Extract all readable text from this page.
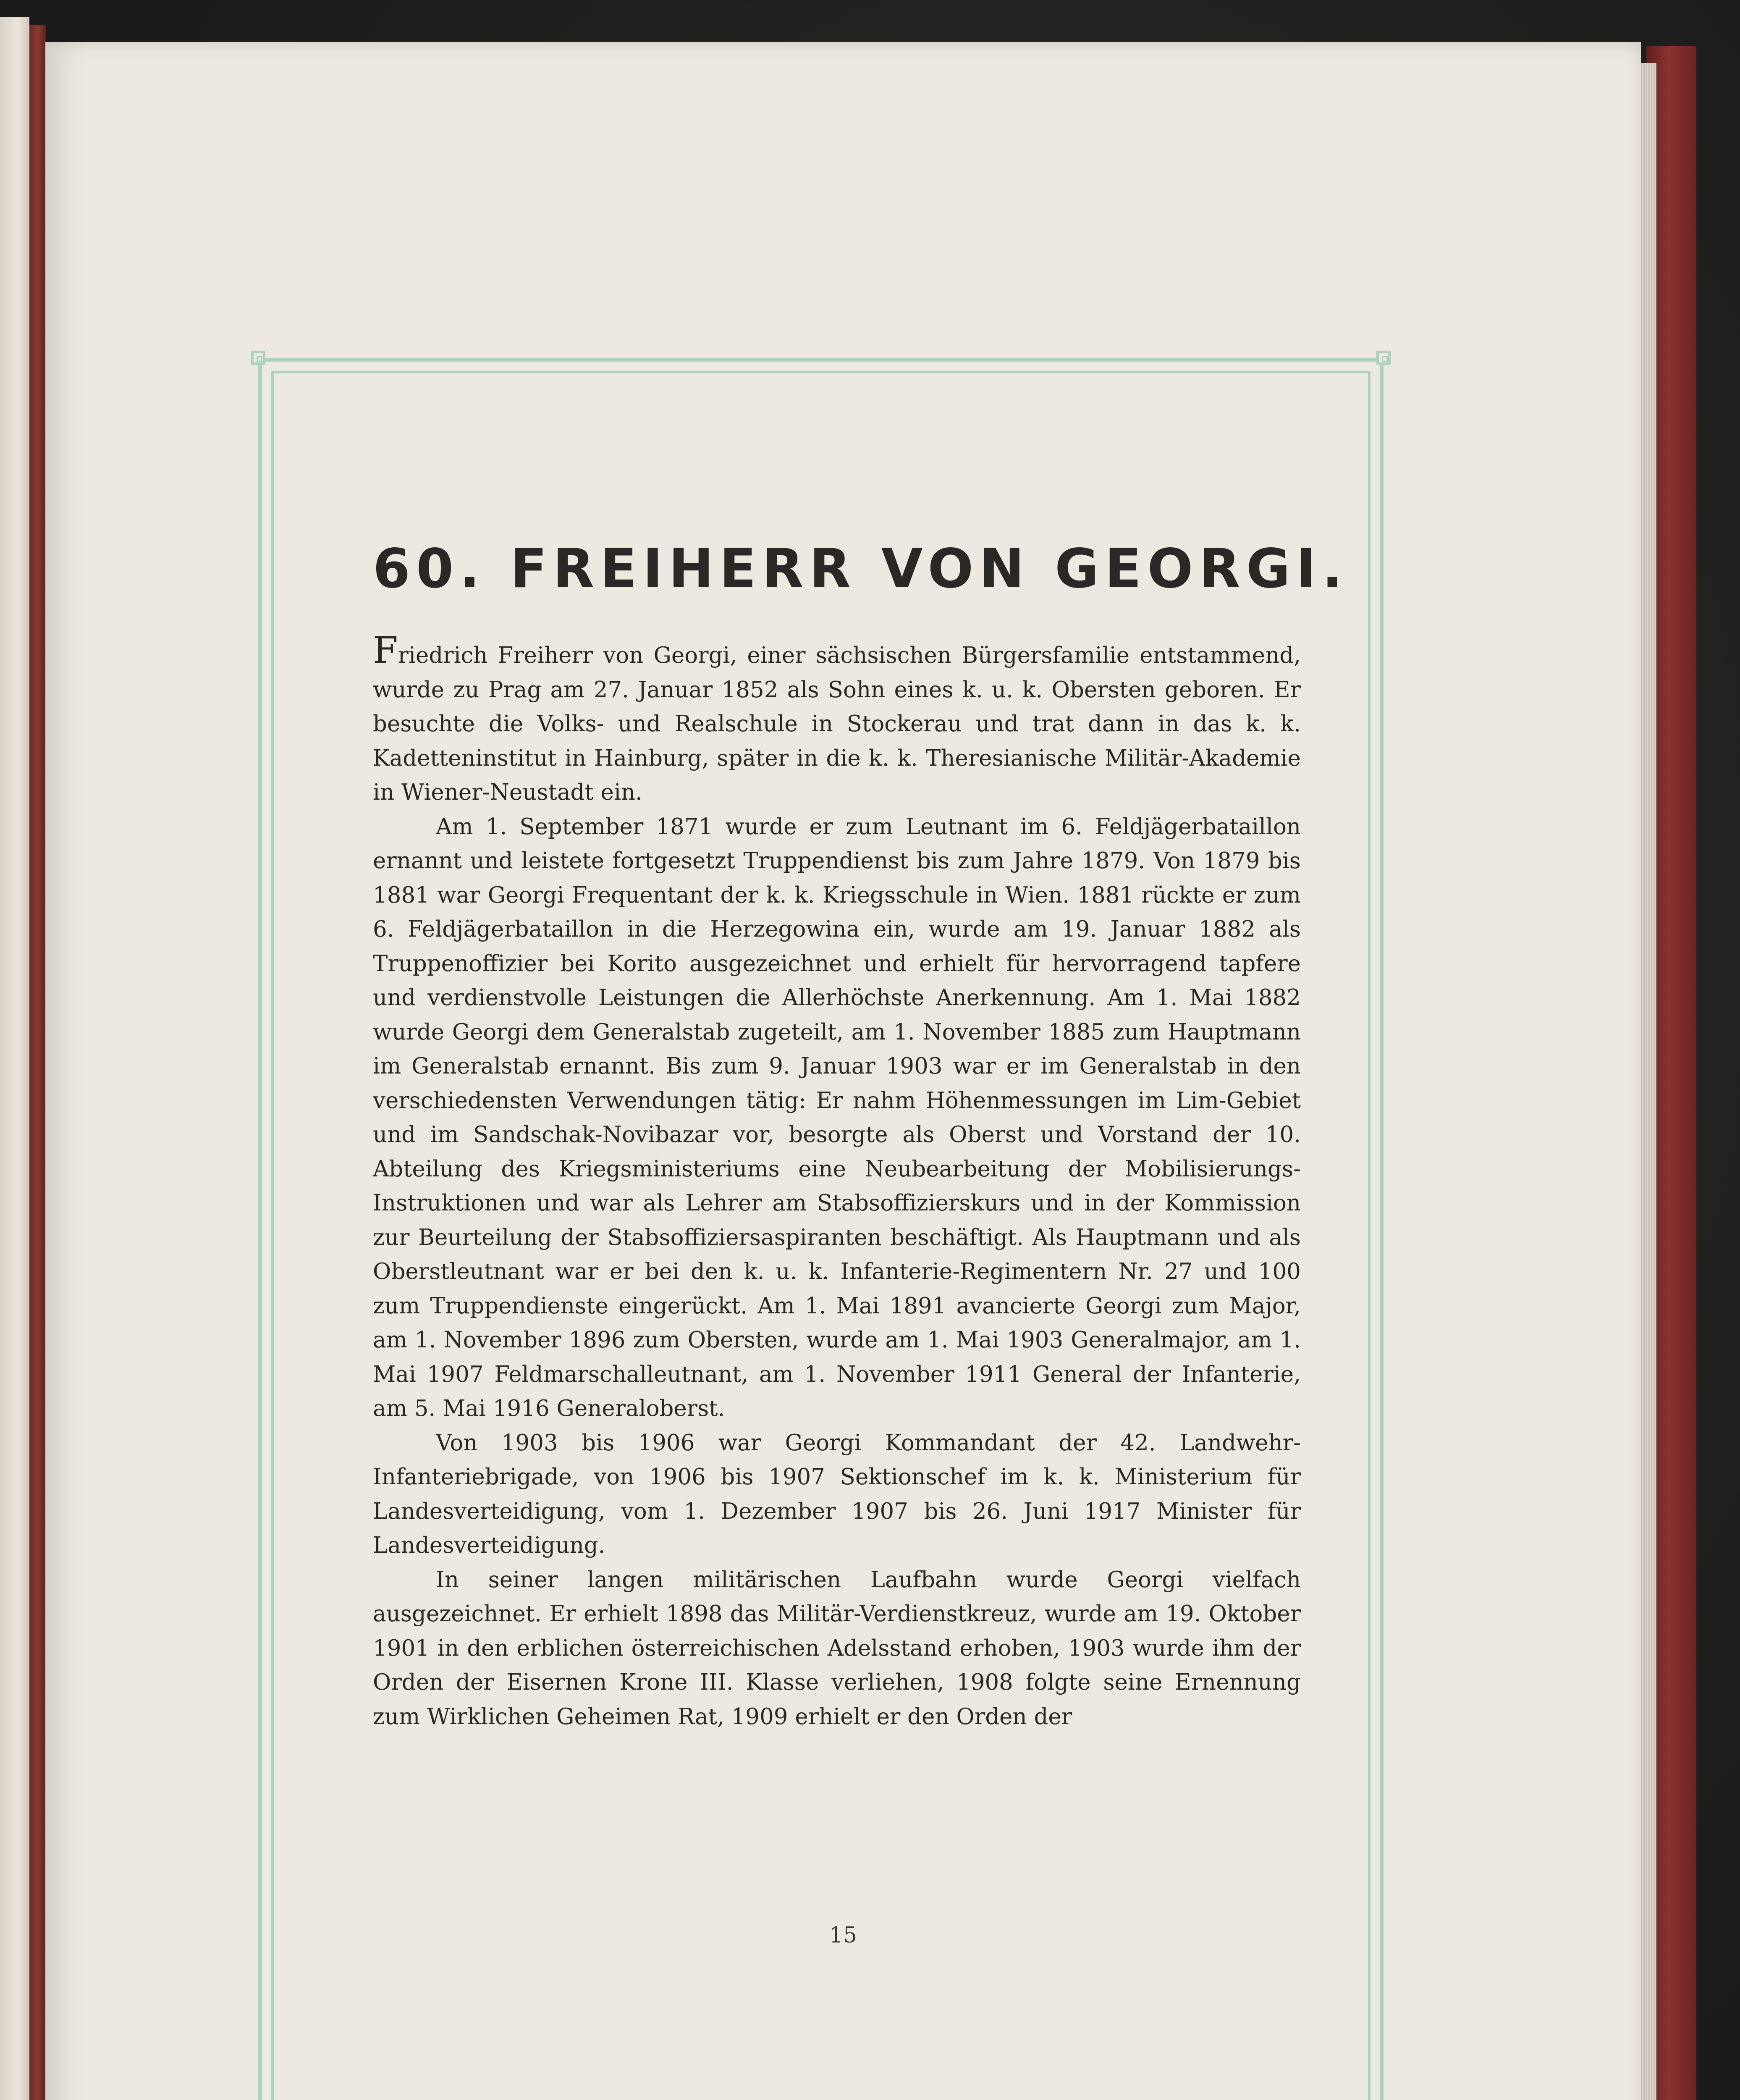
60. FREIHERR VON GEORGI.

Friedrich Freiherr von Georgi, einer sächsischen Bürgersfamilie entstammend, wurde zu Prag am 27. Januar 1852 als Sohn eines k. u. k. Obersten geboren. Er besuchte die Volks- und Realschule in Stockerau und trat dann in das k. k. Kadetteninstitut in Hainburg, später in die k. k. Theresianische Militär-Akademie in Wiener-Neustadt ein.

Am 1. September 1871 wurde er zum Leutnant im 6. Feldjägerbataillon ernannt und leistete fortgesetzt Truppendienst bis zum Jahre 1879. Von 1879 bis 1881 war Georgi Frequentant der k. k. Kriegsschule in Wien. 1881 rückte er zum 6. Feldjägerbataillon in die Herzegowina ein, wurde am 19. Januar 1882 als Truppenoffizier bei Korito ausgezeichnet und erhielt für hervorragend tapfere und verdienstvolle Leistungen die Allerhöchste Anerkennung. Am 1. Mai 1882 wurde Georgi dem Generalstab zugeteilt, am 1. November 1885 zum Hauptmann im Generalstab ernannt. Bis zum 9. Januar 1903 war er im Generalstab in den verschiedensten Verwendungen tätig: Er nahm Höhenmessungen im Lim-Gebiet und im Sandschak-Novibazar vor, besorgte als Oberst und Vorstand der 10. Abteilung des Kriegsministeriums eine Neubearbeitung der Mobilisierungs-Instruktionen und war als Lehrer am Stabsoffizierskurs und in der Kommission zur Beurteilung der Stabsoffiziersaspiranten beschäftigt. Als Hauptmann und als Oberstleutnant war er bei den k. u. k. Infanterie-Regimentern Nr. 27 und 100 zum Truppendienste eingerückt. Am 1. Mai 1891 avancierte Georgi zum Major, am 1. November 1896 zum Obersten, wurde am 1. Mai 1903 Generalmajor, am 1. Mai 1907 Feldmarschalleutnant, am 1. November 1911 General der Infanterie, am 5. Mai 1916 Generaloberst.

Von 1903 bis 1906 war Georgi Kommandant der 42. Landwehr-Infanteriebrigade, von 1906 bis 1907 Sektionschef im k. k. Ministerium für Landesverteidigung, vom 1. Dezember 1907 bis 26. Juni 1917 Minister für Landesverteidigung.

In seiner langen militärischen Laufbahn wurde Georgi vielfach ausgezeichnet. Er erhielt 1898 das Militär-Verdienstkreuz, wurde am 19. Oktober 1901 in den erblichen österreichischen Adelsstand erhoben, 1903 wurde ihm der Orden der Eisernen Krone III. Klasse verliehen, 1908 folgte seine Ernennung zum Wirklichen Geheimen Rat, 1909 erhielt er den Orden der

15
